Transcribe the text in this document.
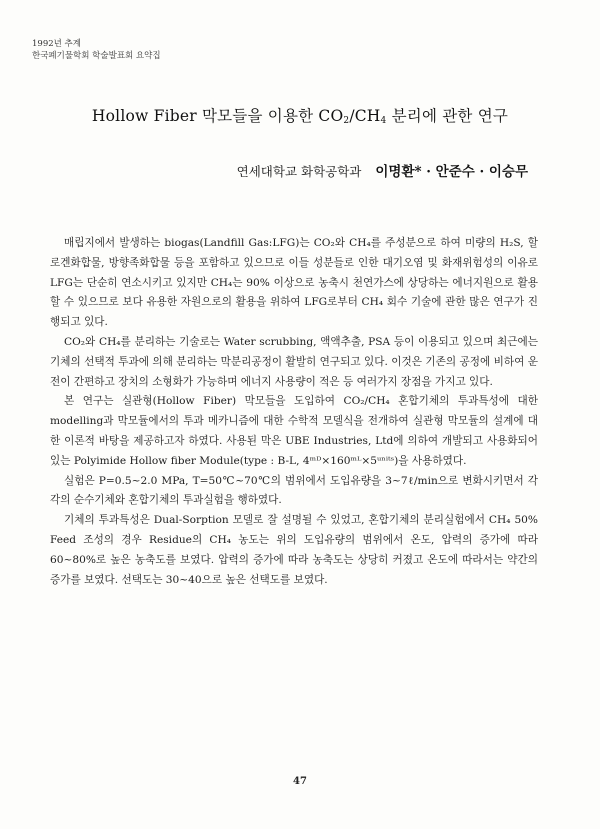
1992년 추계
한국폐기물학회 학술발표회 요약집
Hollow Fiber 막모들을 이용한 $CO_2/CH_4$ 분리에 관한 연구
연세대학교 화학공학과 이명환* · 안준수 · 이승무

매립지에서 발생하는 biogas(Landfill Gas:LFG)는 CO₂와 CH₄를 주성분으로 하여 미량의 H₂S, 할로겐화합물, 방향족화합물 등을 포함하고 있으므로 이들 성분들로 인한 대기오염 및 화재위험성의 이유로 LFG는 단순히 연소시키고 있지만 CH₄는 90% 이상으로 농축시 천연가스에 상당하는 에너지원으로 활용할 수 있으므로 보다 유용한 자원으로의 활용을 위하여 LFG로부터 CH₄ 회수 기술에 관한 많은 연구가 진행되고 있다.

CO₂와 CH₄를 분리하는 기술로는 Water scrubbing, 액액추출, PSA 등이 이용되고 있으며 최근에는 기체의 선택적 투과에 의해 분리하는 막분리공정이 활발히 연구되고 있다. 이것은 기존의 공정에 비하여 운전이 간편하고 장치의 소형화가 가능하며 에너지 사용량이 적은 등 여러가지 장점을 가지고 있다.

본 연구는 실관형(Hollow Fiber) 막모들을 도입하여 CO₂/CH₄ 혼합기체의 투과특성에 대한 modelling과 막모듈에서의 투과 메카니즘에 대한 수학적 모델식을 전개하여 실관형 막모듈의 설계에 대한 이론적 바탕을 제공하고자 하였다. 사용된 막은 UBE Industries, Ltd에 의하여 개발되고 사용화되어 있는 Polyimide Hollow fiber Module(type : B-L, 4ᵐᴰ×160ᵐᴸ×5ᵘⁿⁱᵗˢ)을 사용하였다.

실험은 P=0.5~2.0 MPa, T=50℃~70℃의 범위에서 도입유량을 3~7ℓ/min으로 변화시키면서 각각의 순수기체와 혼합기체의 투과실험을 행하였다.

기체의 투과특성은 Dual-Sorption 모델로 잘 설명될 수 있었고, 혼합기체의 분리실험에서 CH₄ 50% Feed 조성의 경우 Residue의 CH₄ 농도는 위의 도입유량의 범위에서 온도, 압력의 증가에 따라 60~80%로 높은 농축도를 보였다. 압력의 증가에 따라 농축도는 상당히 커졌고 온도에 따라서는 약간의 증가를 보였다. 선택도는 30~40으로 높은 선택도를 보였다.

47
